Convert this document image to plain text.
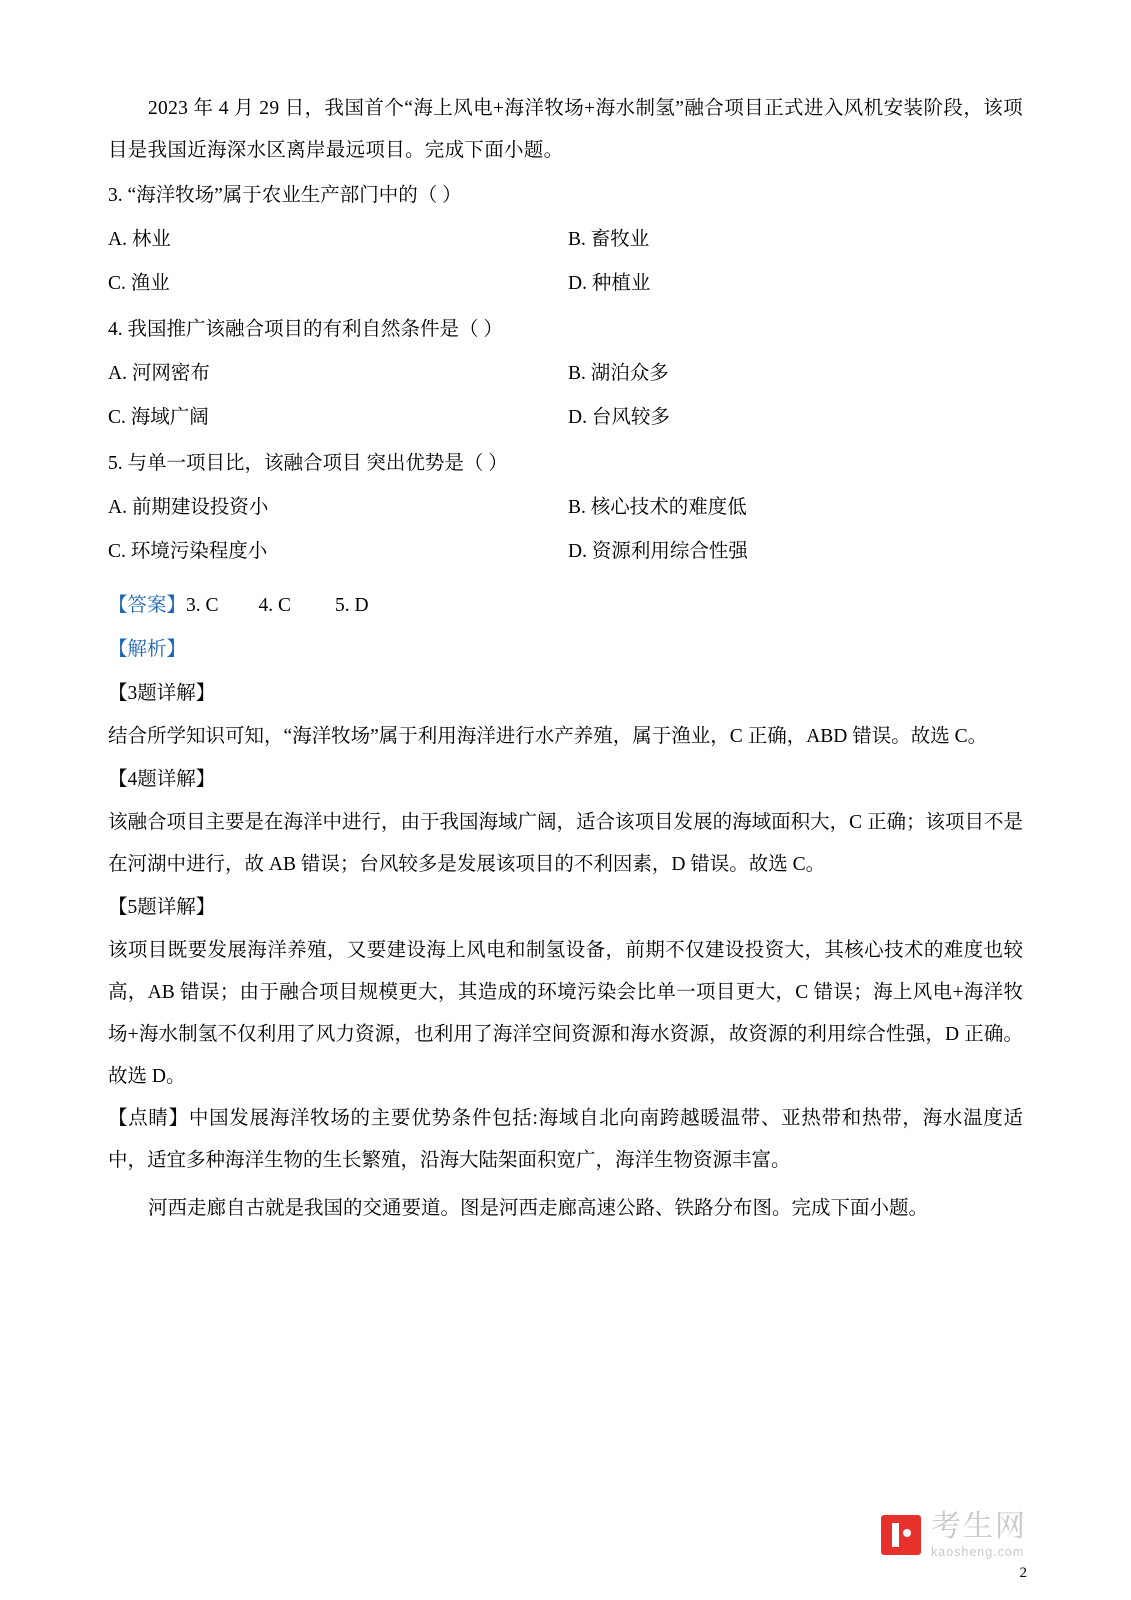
2023 年 4 月 29 日，我国首个“海上风电+海洋牧场+海水制氢”融合项目正式进入风机安装阶段，该项目是我国近海深水区离岸最远项目。完成下面小题。

3. “海洋牧场”属于农业生产部门中的（ ）
A. 林业	B. 畜牧业
C. 渔业	D. 种植业
4. 我国推广该融合项目的有利自然条件是（ ）
A. 河网密布	B. 湖泊众多
C. 海域广阔	D. 台风较多
5. 与单一项目比，该融合项目 突出优势是（ ）
A. 前期建设投资小	B. 核心技术的难度低
C. 环境污染程度小	D. 资源利用综合性强
【答案】3. C 4. C 5. D
【解析】
【3题详解】
结合所学知识可知，“海洋牧场”属于利用海洋进行水产养殖，属于渔业，C 正确，ABD 错误。故选 C。
【4题详解】
该融合项目主要是在海洋中进行，由于我国海域广阔，适合该项目发展的海域面积大，C 正确；该项目不是在河湖中进行，故 AB 错误；台风较多是发展该项目的不利因素，D 错误。故选 C。
【5题详解】
该项目既要发展海洋养殖，又要建设海上风电和制氢设备，前期不仅建设投资大，其核心技术的难度也较高，AB 错误；由于融合项目规模更大，其造成的环境污染会比单一项目更大，C 错误；海上风电+海洋牧场+海水制氢不仅利用了风力资源，也利用了海洋空间资源和海水资源，故资源的利用综合性强，D 正确。故选 D。
【点睛】中国发展海洋牧场的主要优势条件包括:海域自北向南跨越暖温带、亚热带和热带，海水温度适中，适宜多种海洋生物的生长繁殖，沿海大陆架面积宽广，海洋生物资源丰富。

河西走廊自古就是我国的交通要道。图是河西走廊高速公路、铁路分布图。完成下面小题。

考生网
kaosheng.com
2
